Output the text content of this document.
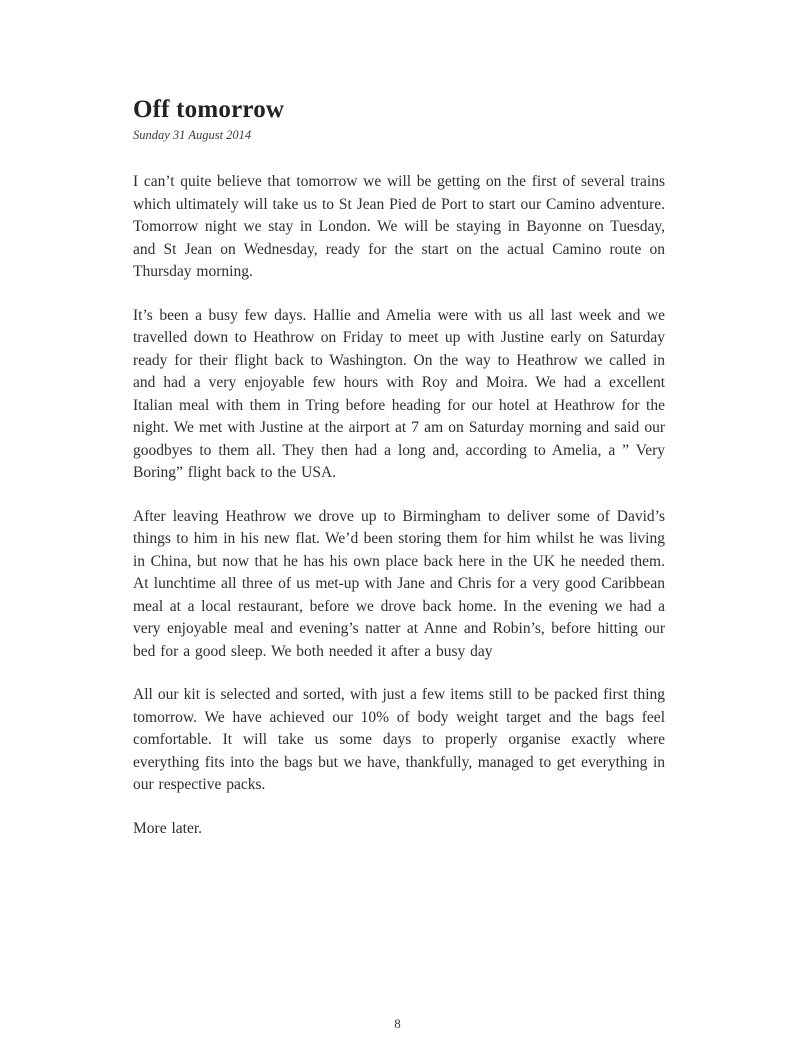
Off tomorrow
Sunday 31 August 2014

I can’t quite believe that tomorrow we will be getting on the first of several trains which ultimately will take us to St Jean Pied de Port to start our Camino adventure. Tomorrow night we stay in London. We will be staying in Bayonne on Tuesday, and St Jean on Wednesday, ready for the start on the actual Camino route on Thursday morning.

It’s been a busy few days. Hallie and Amelia were with us all last week and we travelled down to Heathrow on Friday to meet up with Justine early on Saturday ready for their flight back to Washington. On the way to Heathrow we called in and had a very enjoyable few hours with Roy and Moira. We had a excellent Italian meal with them in Tring before heading for our hotel at Heathrow for the night. We met with Justine at the airport at 7 am on Saturday morning and said our goodbyes to them all. They then had a long and, according to Amelia, a ” Very Boring” flight back to the USA.

After leaving Heathrow we drove up to Birmingham to deliver some of David’s things to him in his new flat. We’d been storing them for him whilst he was living in China, but now that he has his own place back here in the UK he needed them. At lunchtime all three of us met-up with Jane and Chris for a very good Caribbean meal at a local restaurant, before we drove back home. In the evening we had a very enjoyable meal and evening’s natter at Anne and Robin’s, before hitting our bed for a good sleep. We both needed it after a busy day

All our kit is selected and sorted, with just a few items still to be packed first thing tomorrow. We have achieved our 10% of body weight target and the bags feel comfortable. It will take us some days to properly organise exactly where everything fits into the bags but we have, thankfully, managed to get everything in our respective packs.

More later.

8
